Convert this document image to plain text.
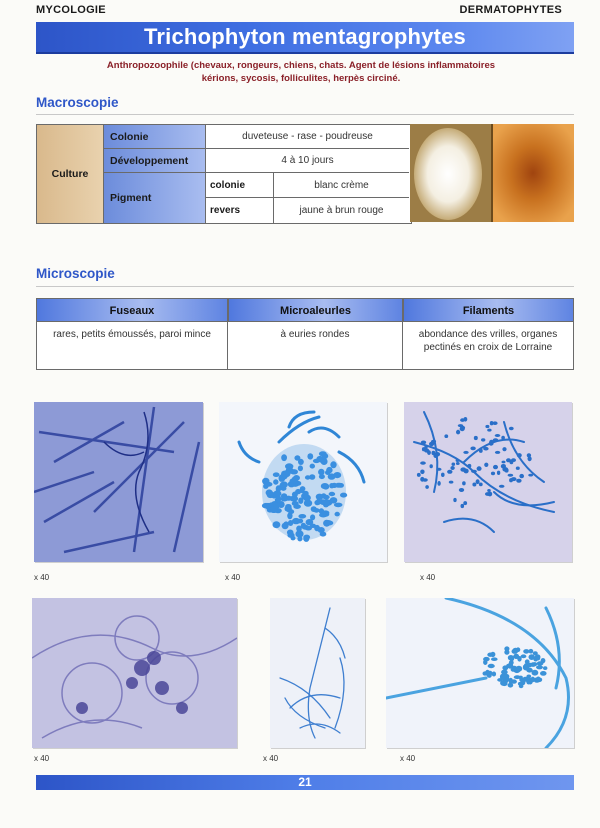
MYCOLOGIE	DERMATOPHYTES
Trichophyton mentagrophytes
Anthropozoophile (chevaux, rongeurs, chiens, chats. Agent de lésions inflammatoires
kérions, sycosis, folliculites, herpès circiné.
Macroscopie
Culture
Colonie	duveteuse - rase - poudreuse
Développement	4 à 10 jours
Pigment
colonie	blanc crème
revers	jaune à brun rouge
Microscopie
Fuseaux	Microaleurles	Filaments
rares, petits émoussés, paroi mince	à euries rondes	abondance des vrilles, organes pectinés en croix de Lorraine
x 40	x 40	x 40
x 40	x 40	x 40
21
